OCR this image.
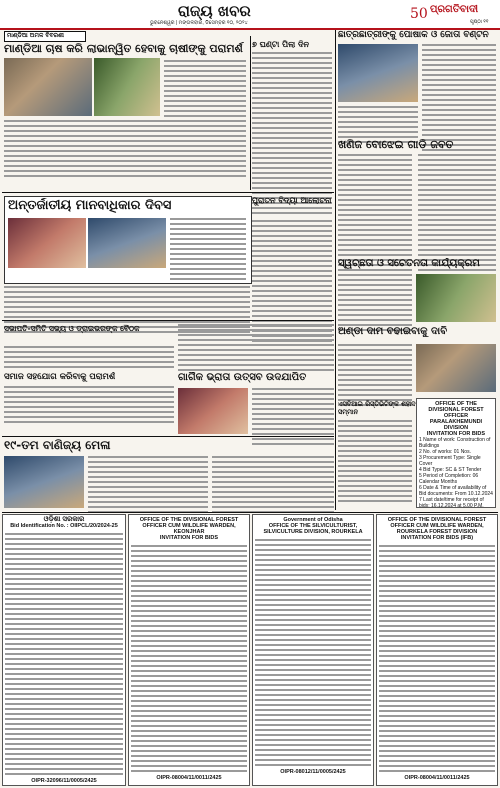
ରାଜ୍ୟ ଖବର
ଭୁବନେଶ୍ୱର | ମଙ୍ଗଳବାର, ଡିସେମ୍ବର ୧୦, ୨୦୨୪
50 ପ୍ରଗତିବାଦୀ
ପୃଷ୍ଠା ୧୧
ମାଣ୍ଡିଆ ଅମଳ ବିବରଣୀ
ମାଣ୍ଡିଆ ଚାଷ କରି ଲାଭାନ୍ୱିତ ହେବାକୁ ଚାଷୀଙ୍କୁ ପରାମର୍ଶ	୭ ଘଣ୍ଟା ପିଲା ଦିନ
ଛାତ୍ରଛାତ୍ରୀଙ୍କୁ ପୋଷାକ ଓ ଜୋତା ବଣ୍ଟନ
ଖଣିଜ ବୋଝେଇ ଗାଡି ଜବତ
ଅନ୍ତର୍ଜାତୀୟ ମାନବାଧିକାର ଦିବସ	ପୁରାତନ ବିଦ୍ୟା ଆଲୋଚନା
ସ୍ୱଚ୍ଛତା ଓ ସଚେତନତା କାର୍ଯ୍ୟକ୍ରମ
ସଭାପତି-ସମିତି ସଭ୍ୟ ଓ ଡ୍ରାଇଭରଙ୍କ ବୈଠକ	ଅଣ୍ଡା ଦାମ ବଢାଇବାକୁ ଦାବି
ସମାଜ ସହଯୋଗ କରିବାକୁ ପରାମର୍ଶ	ଗାର୍ଗିକ ଭ୍ରାତା ଉତ୍ସବ ଉଦଯାପିତ
ଏସବିଆଇ ରିସ୍ତିଭିଟିଙ୍କ ଶହୀଦ ସମ୍ମାନ
OFFICE OF THE DIVISIONAL FOREST OFFICER
PARALAKHEMUNDI DIVISION
INVITATION FOR BIDS
1 Name of work: Construction of Buildings
2 No. of works: 01 Nos.
3 Procurement Type: Single Cover
4 Bid Type: SC & ST Tender
5 Period of Completion: 06 Calendar Months
6 Date & Time of availability of Bid documents: From 10.12.2024
7 Last date/time for receipt of bids: 16.12.2024 at 5.00 P.M.
୧୯-ତମ ବାଣିଜ୍ୟ ମେଳା
ଓଡ଼ିଶା ସରକାର
Bid Identification No. : OIIPCL/20/2024-25
OIPR-32096/11/0005/2425
OFFICE OF THE DIVISIONAL FOREST OFFICER CUM WILDLIFE WARDEN, KEONJHAR
INVITATION FOR BIDS
OIPR-08004/11/0011/2425
Government of Odisha
OFFICE OF THE SILVICULTURIST, SILVICULTURE DIVISION, ROURKELA
OIPR-08012/11/0005/2425
OFFICE OF THE DIVISIONAL FOREST OFFICER CUM WILDLIFE WARDEN, ROURKELA FOREST DIVISION
INVITATION FOR BIDS (IFB)
OIPR-08004/11/0011/2425
